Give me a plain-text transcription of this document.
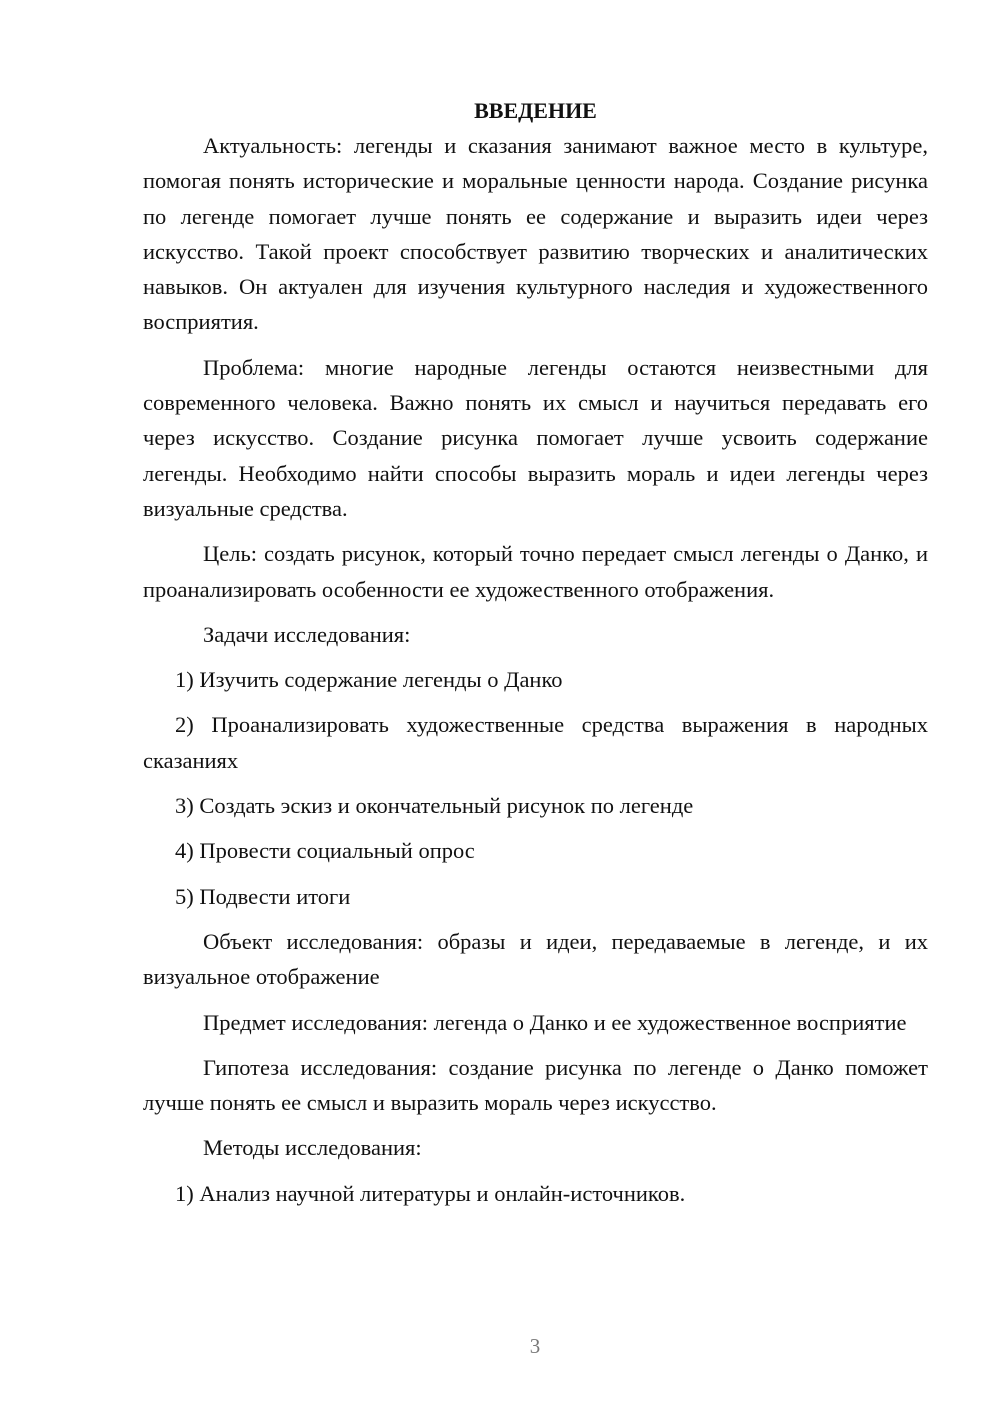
ВВЕДЕНИЕ

Актуальность: легенды и сказания занимают важное место в культуре, помогая понять исторические и моральные ценности народа. Создание рисунка по легенде помогает лучше понять ее содержание и выразить идеи через искусство. Такой проект способствует развитию творческих и аналитических навыков. Он актуален для изучения культурного наследия и художественного восприятия.

Проблема: многие народные легенды остаются неизвестными для современного человека. Важно понять их смысл и научиться передавать его через искусство. Создание рисунка помогает лучше усвоить содержание легенды. Необходимо найти способы выразить мораль и идеи легенды через визуальные средства.

Цель: создать рисунок, который точно передает смысл легенды о Данко, и проанализировать особенности ее художественного отображения.

Задачи исследования:

1) Изучить содержание легенды о Данко

2) Проанализировать художественные средства выражения в народных сказаниях

3) Создать эскиз и окончательный рисунок по легенде

4) Провести социальный опрос

5) Подвести итоги

Объект исследования: образы и идеи, передаваемые в легенде, и их визуальное отображение

Предмет исследования: легенда о Данко и ее художественное восприятие

Гипотеза исследования: создание рисунка по легенде о Данко поможет лучше понять ее смысл и выразить мораль через искусство.

Методы исследования:

1) Анализ научной литературы и онлайн-источников.

3
